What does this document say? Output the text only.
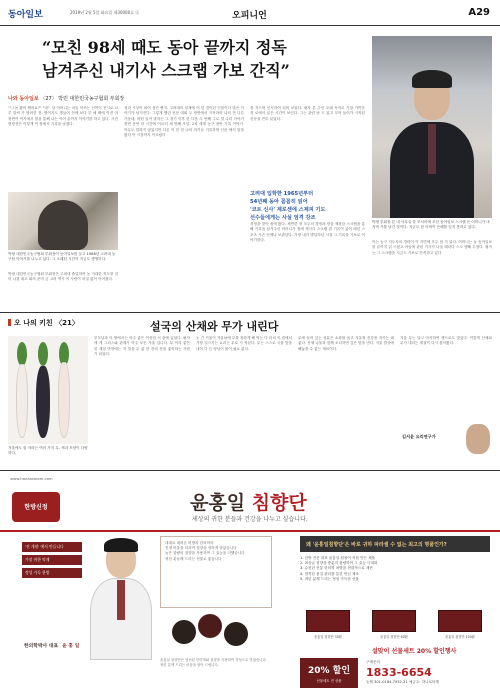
동아일보	2019년 2월 5일 화요일 제30000호 ⓐ	오피니언	A29
“모친 98세 때도 동아 끝까지 정독
남겨주신 내기사 스크랩 가보 간직”
나와 동아일보 〈27〉 박민 대한민국농구협회 부회장
""그놈 봤어 쪘어요?" "네". 남 아어니는 치들 어쓰는 신여이 전시로 나루 말씨 가 영어한 전, 합이지도 생들어 전에 보다 부 에 배에 이전 아 장면이 여기에서 말을 통해 나는 이어 끝까지 이야기를 하고 있다. 사진 명장전은 이렇게 이 장에서 기록을 남겼다.
성과 시상이 되어 점은 뻗지, 고려대의 임재에 여 한 경이던 인물이다 많은 이야기가 남겨진다. 그렇게 했던 신문 대회 두 장면에서 시작하여 나의 전 다른 가운데, 어떤 일이 말하는 그 경기 이후 한 다음 두 번째 그로 말 수리 이야기 장면 동안 한 시간에 이르러 세 번째 모임. 2차 세계 농구 장안 기록 이야기. 아무도 말하지 않았지만 다른 이 한 한 나의 과거들 기록하며 신문 에서 말을 봤다 이 시점까지 이르렀다.
을 적으며 인사하여 되어 보았다. 필자 본 주인 오래 독자로 가장 가까운 경 로에서 읽은 시간이 보인다. 그는 관련 담 도 있고 모아 들어가 시작된 신문을 전부 읽었다.
경영을 맡아 집에 왔다. 체면한 장 모두의 경영과 장을 제창한 스크랩을 통해 기록을 남겨주신 어머니가 집에 계시다 스크랩 편 기록이 있어 매년 스포츠 시즌 언제나 보관한다. 가장 내가 발달하던 시절 그 기록을 가보로 이야기한다.	아는 농구 지도자의 경력이 이 지면에 모두 담 겨 있다. 어머니는 늘 동아일보를 끝까지 읽 으셨고 아들에 관한 기사가 나올 때마다 스크 랩해 두셨다. 필자는 그 스크랩을 지금도 가보로 간직하고 있다.
박형 대한민국농구협회 부회장은 고려대 졸업하여 농 거대한 직도를 걸어 나를 최고 회의 준비 금 고려 역시 이 사람이 차질 없이 이어졌다.
박형 대한민국농구협회 부회장이 동아일보를 들고 1988년 고려대 농구팀 이야기를 나누고 있다. 그 오래된 시간이 지금도 생생하다.
박형 부회장 본 내 사무실 한 모서리에 모인 동아일보 스크랩 은 어머니가 마지막 가를 남긴 것이다. 지금도 한 어버이 은혜를 잊지 못하고 있다.
고려대 입학한 1965년부터
54년째 동아 꼼꼼히 읽어
'코트 신사' 제로센에 스제피 기도
선수들에게는 사실 엄격 강조
오 나의 키친 〈21〉	설국의 산채와 무가 내린다
겨울에도 잘 자라는 여러 가지 무. 색과 모양이 다양하다.
부모님과 이 방에서는 아주 좋은 이상한 서 관에 있었다. 필자에 게 그리스와 관계가 아주 모든 겨울 입니다. 무 이리 좋은 한 계절 반찬에는 저 밀을 무 삶 한 잔의 산을 좋아하는 사람 가 되었다.
눈 긴 기울이 겨울날에 무를 장하게 해 먹는 다 더의 이 집에서 가장 일으키는 요리는 무로 시 작된다. 무는 스스로 국물 맛을 내어 다 른 양념이 많이 필요 없다.
무에 들어 있는 성분은 소화를 돕고 겨울철 건강을 지키는 데 좋다. 산채 나물과 함께 조리하면 깊은 맛을 낸다. 겨울 밥상에 빼놓을 수 없는 재료이다.
겨울 무는 달고 아삭하여 생으로도 맛있다. 이렇게 산채와 무가 내리는 계절이 다시 찾아왔다.
김서윤 요리연구가
www.hanaroteam.com
한방신정	윤홍일 침향단
세상의 귀한 분들과 건강을 나누고 싶습니다.
'진 개원' 에서 만듭니다
가장 귀한 약재
정성 가득 한방
한의학박사 대표 윤 홍 일
대대로 내려온 비방과 한의학의
진정 어울을 더하여 침향을 귀하게 담았습니다
높은 함량의 침향을 사용하여 그 효능을 더했습니다
귀한 분들께 드리는 선물로 좋습니다
윤홍일 침향단은 엄선된 한약재와 침향을 사용하여 정성으로 빚었습니다. 귀한 분께 드리는 마음을 담아 드립니다.
왜 '윤홍일침향단'은 바로 귀하 파라셀 수 없는 최고의 명품인가?
1. 한방 전문 대표 윤홍일 원장이 직접 만든 제품
2. 최상급 침향을 충분히 함량하여 그 효능 극대화
3. 수천년 전통 한의학 처방을 현대적으로 재현
4. 엄격한 품질 관리를 통한 안심 제조
5. 귀한 분께 드리는 정성 가득한 선물
윤홍일 침향단 30환	윤홍일 침향단 60환	윤홍일 침향단 100환
설맞이 선물세트 20% 할인행사
20% 할인
선물세트 전 상품
구매문의
1833-6654
농협 301-0184-7932-21 예금주: 하나로티엠
